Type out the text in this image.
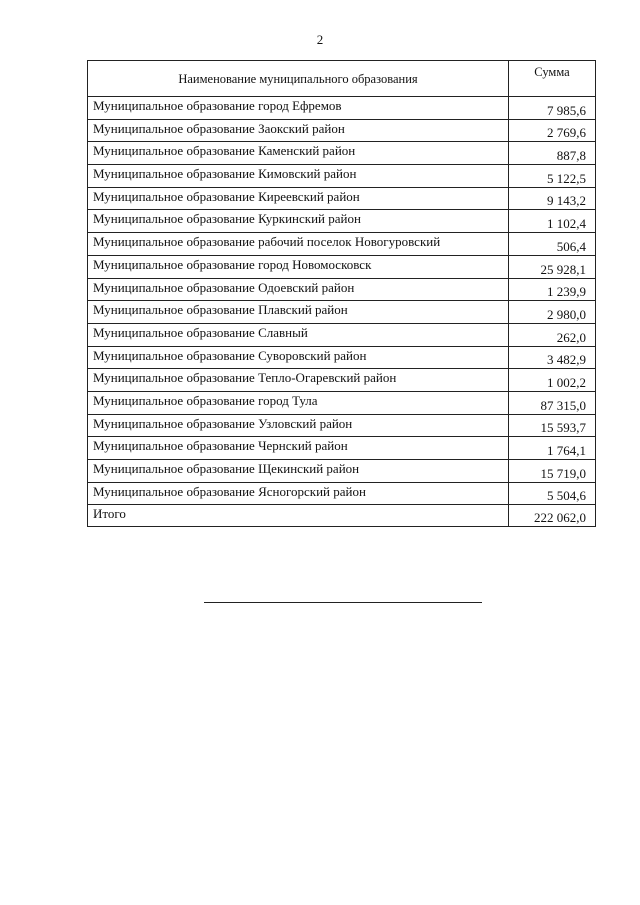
2
Наименование муниципального образования	Сумма
Муниципальное образование город Ефремов	7 985,6
Муниципальное образование Заокский район	2 769,6
Муниципальное образование Каменский район	887,8
Муниципальное образование Кимовский район	5 122,5
Муниципальное образование Киреевский район	9 143,2
Муниципальное образование Куркинский район	1 102,4
Муниципальное образование рабочий поселок Новогуровский	506,4
Муниципальное образование город Новомосковск	25 928,1
Муниципальное образование Одоевский район	1 239,9
Муниципальное образование Плавский район	2 980,0
Муниципальное образование Славный	262,0
Муниципальное образование Суворовский район	3 482,9
Муниципальное образование Тепло-Огаревский район	1 002,2
Муниципальное образование город Тула	87 315,0
Муниципальное образование Узловский район	15 593,7
Муниципальное образование Чернский район	1 764,1
Муниципальное образование Щекинский район	15 719,0
Муниципальное образование Ясногорский район	5 504,6
Итого	222 062,0
